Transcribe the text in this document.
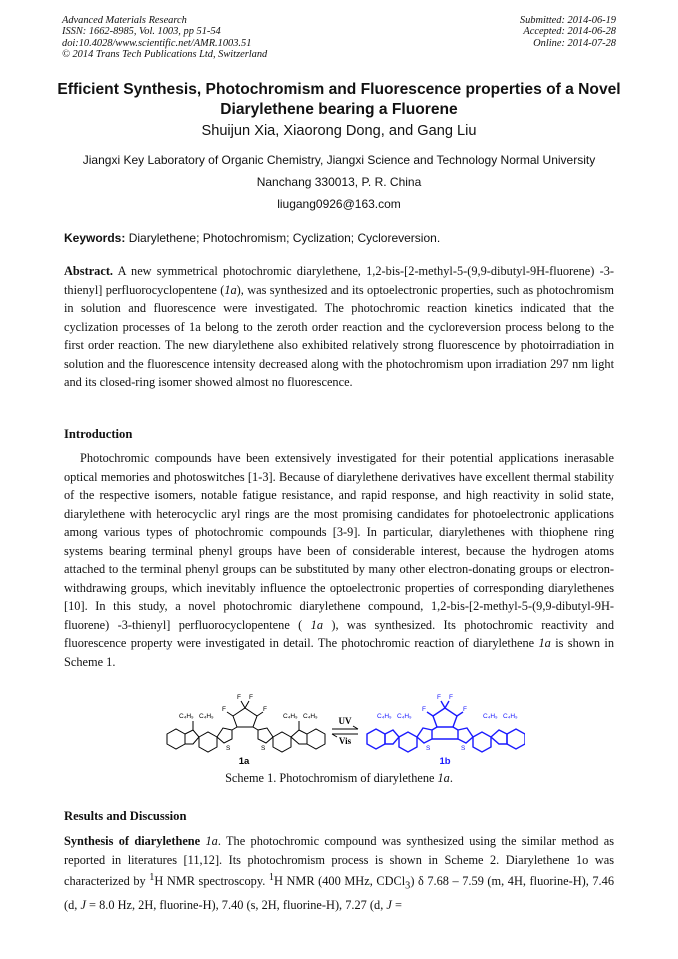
Advanced Materials Research
ISSN: 1662-8985, Vol. 1003, pp 51-54
doi:10.4028/www.scientific.net/AMR.1003.51
© 2014 Trans Tech Publications Ltd, Switzerland
Submitted: 2014-06-19
Accepted: 2014-06-28
Online: 2014-07-28
Efficient Synthesis, Photochromism and Fluorescence properties of a Novel Diarylethene bearing a Fluorene
Shuijun Xia, Xiaorong Dong, and Gang Liu
Jiangxi Key Laboratory of Organic Chemistry, Jiangxi Science and Technology Normal University
Nanchang 330013, P. R. China
liugang0926@163.com
Keywords: Diarylethene; Photochromism; Cyclization; Cycloreversion.
Abstract. A new symmetrical photochromic diarylethene, 1,2-bis-[2-methyl-5-(9,9-dibutyl-9H-fluorene) -3-thienyl] perfluorocyclopentene (1a), was synthesized and its optoelectronic properties, such as photochromism in solution and fluorescence were investigated. The photochromic reaction kinetics indicated that the cyclization processes of 1a belong to the zeroth order reaction and the cycloreversion process belong to the first order reaction. The new diarylethene also exhibited relatively strong fluorescence by photoirradiation in solution and the fluorescence intensity decreased along with the photochromism upon irradiation 297 nm light and its closed-ring isomer showed almost no fluorescence.
Introduction
Photochromic compounds have been extensively investigated for their potential applications inerasable optical memories and photoswitches [1-3]. Because of diarylethene derivatives have excellent thermal stability of the respective isomers, notable fatigue resistance, and rapid response, and high reactivity in solid state, diarylethene with heterocyclic aryl rings are the most promising candidates for photoelectronic applications among various types of photochromic compounds [3-9]. In particular, diarylethenes with thiophene ring systems bearing terminal phenyl groups have been of considerable interest, because the hydrogen atoms attached to the terminal phenyl groups can be substituted by many other electron-donating groups or electron-withdrawing groups, which inevitably influence the optoelectronic properties of corresponding diarylethenes [10]. In this study, a novel photochromic diarylethene compound, 1,2-bis-[2-methyl-5-(9,9-dibutyl-9H-fluorene) -3-thienyl] perfluorocyclopentene ( 1a ), was synthesized. Its photochromic reactivity and fluorescence property were investigated in detail. The photochromic reaction of diarylethene 1a is shown in Scheme 1.
C₄H₉ C₄H₉	C₄H₉ C₄H₉
F F
F	F
S	S
1a
UV
Vis
C₄H₉ C₄H₉	C₄H₉ C₄H₉
F F
F	F
S	S
1b
Scheme 1. Photochromism of diarylethene 1a.
Results and Discussion
Synthesis of diarylethene 1a. The photochromic compound was synthesized using the similar method as reported in literatures [11,12]. Its photochromism process is shown in Scheme 2. Diarylethene 1o was characterized by $^1$H NMR spectroscopy. $^1$H NMR (400 MHz, CDCl$_3$) δ 7.68 – 7.59 (m, 4H, fluorine-H), 7.46 (d, J = 8.0 Hz, 2H, fluorine-H), 7.40 (s, 2H, fluorine-H), 7.27 (d, J =
